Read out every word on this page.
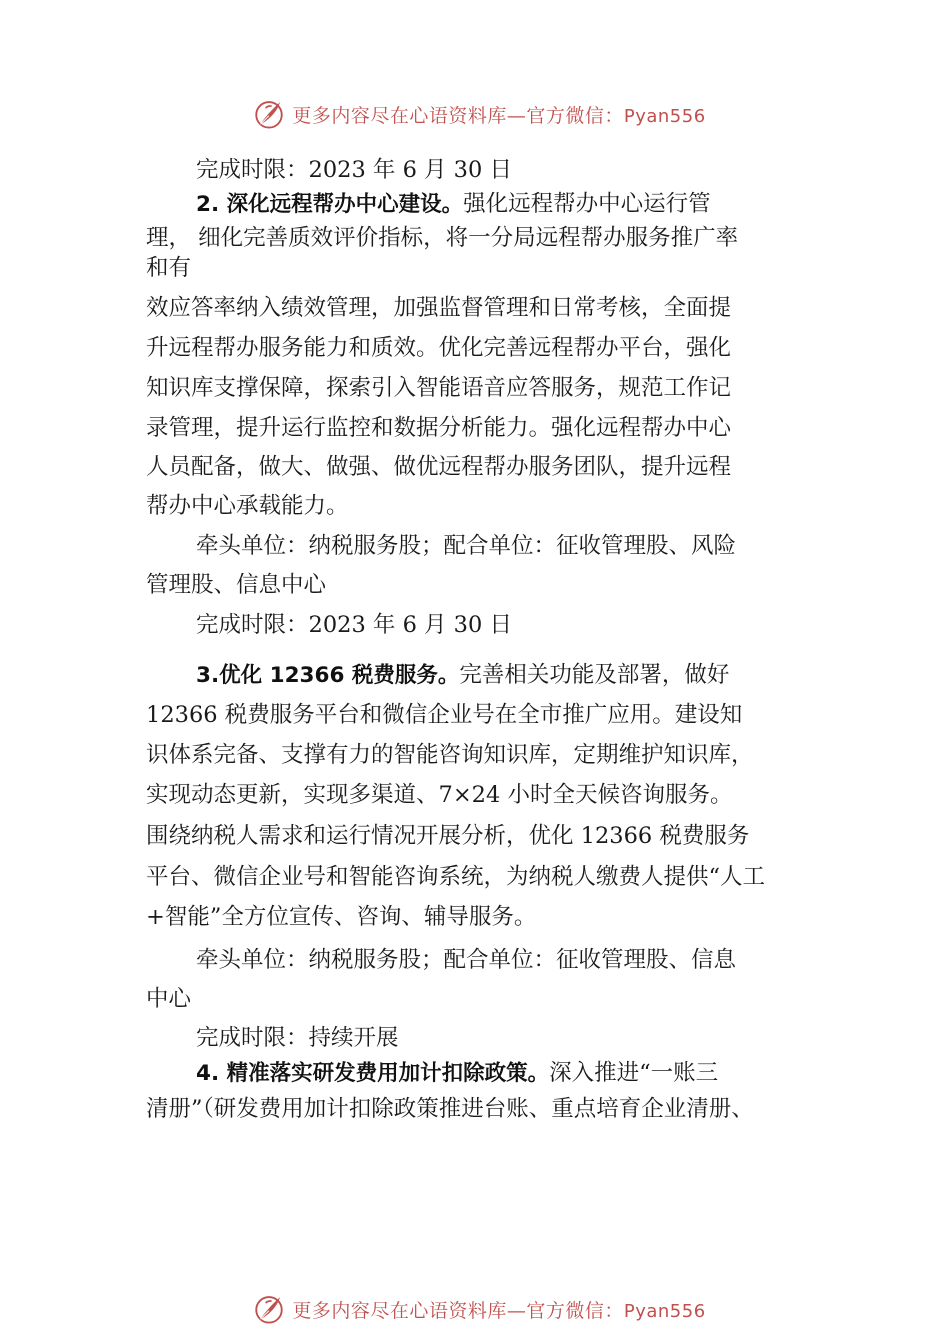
更多内容尽在心语资料库—官方微信：Pyan556
完成时限：2023 年 6 月 30 日
2. 深化远程帮办中心建设。强化远程帮办中心运行管
理， 细化完善质效评价指标，将一分局远程帮办服务推广率
和有
效应答率纳入绩效管理，加强监督管理和日常考核，全面提
升远程帮办服务能力和质效。优化完善远程帮办平台，强化
知识库支撑保障，探索引入智能语音应答服务，规范工作记
录管理，提升运行监控和数据分析能力。强化远程帮办中心
人员配备，做大、做强、做优远程帮办服务团队，提升远程
帮办中心承载能力。
牵头单位：纳税服务股；配合单位：征收管理股、风险
管理股、信息中心
完成时限：2023 年 6 月 30 日
3.优化 12366 税费服务。完善相关功能及部署，做好
12366 税费服务平台和微信企业号在全市推广应用。建设知
识体系完备、支撑有力的智能咨询知识库，定期维护知识库，
实现动态更新，实现多渠道、7×24 小时全天候咨询服务。
围绕纳税人需求和运行情况开展分析，优化 12366 税费服务
平台、微信企业号和智能咨询系统，为纳税人缴费人提供“人工
+智能”全方位宣传、咨询、辅导服务。
牵头单位：纳税服务股；配合单位：征收管理股、信息
中心
完成时限：持续开展
4. 精准落实研发费用加计扣除政策。深入推进“一账三
清册”（研发费用加计扣除政策推进台账、重点培育企业清册、
更多内容尽在心语资料库—官方微信：Pyan556
